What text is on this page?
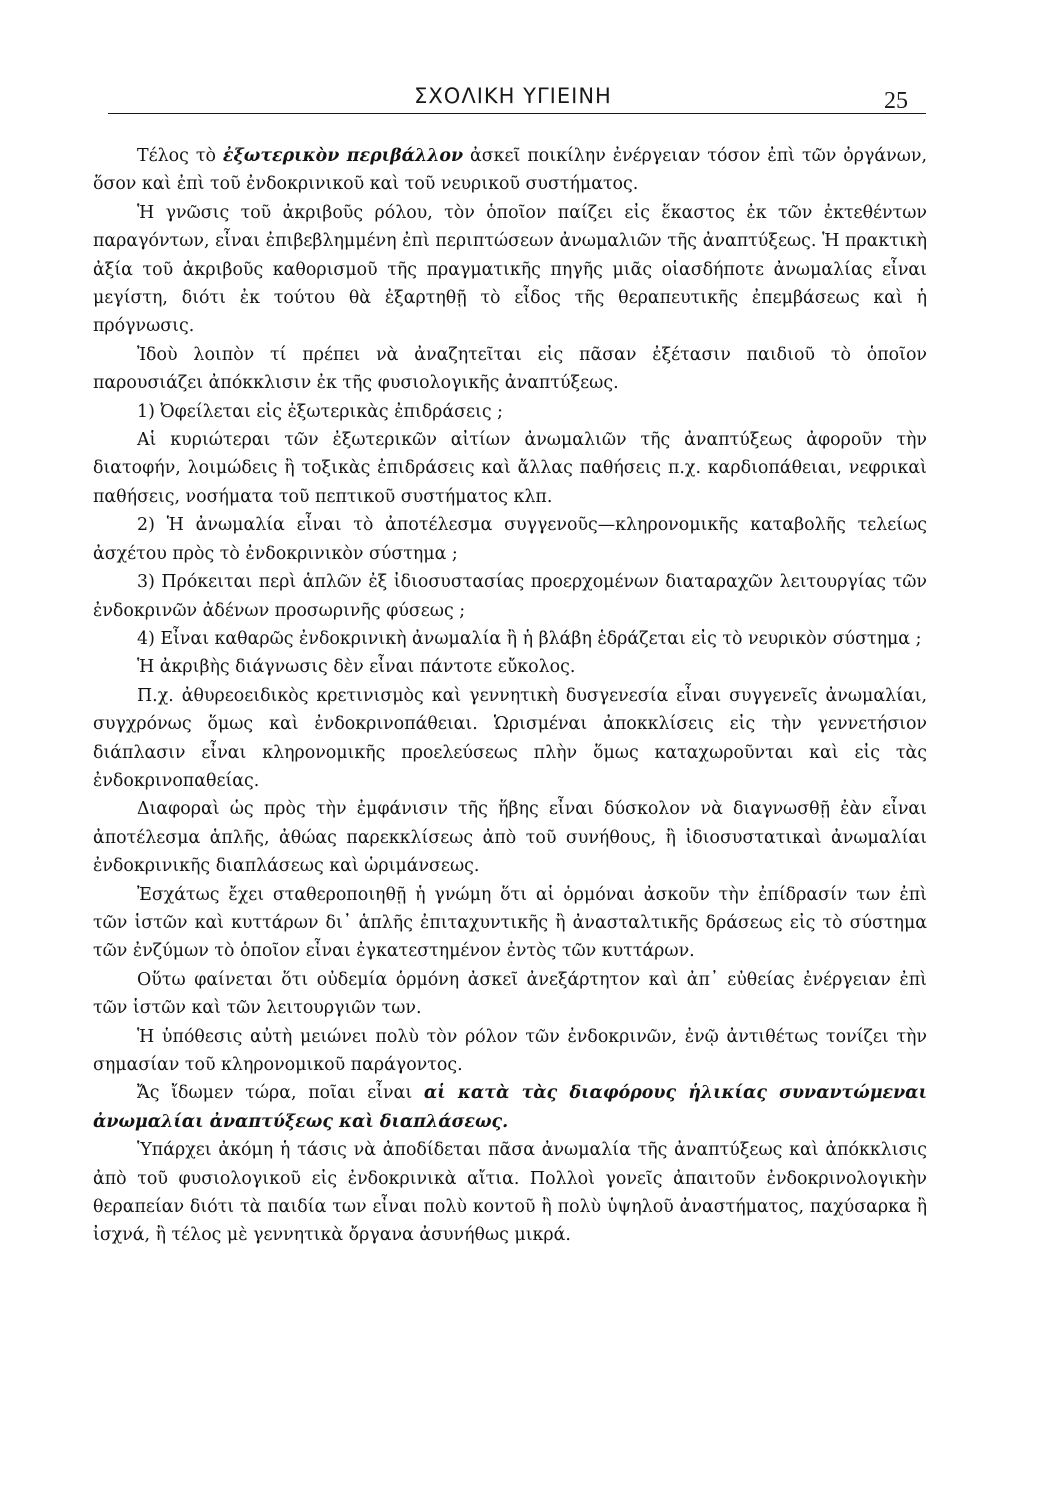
ΣΧΟΛΙΚΗ ΥΓΙΕΙΝΗ	25

Τέλος τὸ ἐξωτερικὸν περιβάλλον ἀσκεῖ ποικίλην ἐνέργειαν τόσον ἐπὶ τῶν ὀργάνων, ὅσον καὶ ἐπὶ τοῦ ἐνδοκρινικοῦ καὶ τοῦ νευρικοῦ συστήματος.

Ἡ γνῶσις τοῦ ἀκριβοῦς ρόλου, τὸν ὁποῖον παίζει εἰς ἕκαστος ἐκ τῶν ἐκτεθέντων παραγόντων, εἶναι ἐπιβεβλημμένη ἐπὶ περιπτώσεων ἀνωμαλιῶν τῆς ἀναπτύξεως. Ἡ πρακτικὴ ἀξία τοῦ ἀκριβοῦς καθορισμοῦ τῆς πραγματικῆς πηγῆς μιᾶς οἱασδήποτε ἀνωμαλίας εἶναι μεγίστη, διότι ἐκ τούτου θὰ ἐξαρτηθῇ τὸ εἶδος τῆς θεραπευτικῆς ἐπεμβάσεως καὶ ἡ πρόγνωσις.

Ἰδοὺ λοιπὸν τί πρέπει νὰ ἀναζητεῖται εἰς πᾶσαν ἐξέτασιν παιδιοῦ τὸ ὁποῖον παρουσιάζει ἀπόκκλισιν ἐκ τῆς φυσιολογικῆς ἀναπτύξεως.

1) Ὀφείλεται εἰς ἐξωτερικὰς ἐπιδράσεις ;

Αἱ κυριώτεραι τῶν ἐξωτερικῶν αἰτίων ἀνωμαλιῶν τῆς ἀναπτύξεως ἀφοροῦν τὴν διατοφήν, λοιμώδεις ἢ τοξικὰς ἐπιδράσεις καὶ ἄλλας παθήσεις π.χ. καρδιοπάθειαι, νεφρικαὶ παθήσεις, νοσήματα τοῦ πεπτικοῦ συστήματος κλπ.

2) Ἡ ἀνωμαλία εἶναι τὸ ἀποτέλεσμα συγγενοῦς—κληρονομικῆς καταβολῆς τελείως ἀσχέτου πρὸς τὸ ἐνδοκρινικὸν σύστημα ;

3) Πρόκειται περὶ ἁπλῶν ἐξ ἰδιοσυστασίας προερχομένων διαταραχῶν λειτουργίας τῶν ἐνδοκρινῶν ἀδένων προσωρινῆς φύσεως ;

4) Εἶναι καθαρῶς ἐνδοκρινικὴ ἀνωμαλία ἢ ἡ βλάβη ἑδράζεται εἰς τὸ νευρικὸν σύστημα ;

Ἡ ἀκριβὴς διάγνωσις δὲν εἶναι πάντοτε εὔκολος.

Π.χ. ἀθυρεοειδικὸς κρετινισμὸς καὶ γεννητικὴ δυσγενεσία εἶναι συγγενεῖς ἀνωμαλίαι, συγχρόνως ὅμως καὶ ἐνδοκρινοπάθειαι. Ὡρισμέναι ἀποκκλίσεις εἰς τὴν γεννετήσιον διάπλασιν εἶναι κληρονομικῆς προελεύσεως πλὴν ὅμως καταχωροῦνται καὶ εἰς τὰς ἐνδοκρινοπαθείας.

Διαφοραὶ ὡς πρὸς τὴν ἐμφάνισιν τῆς ἥβης εἶναι δύσκολον νὰ διαγνωσθῇ ἐὰν εἶναι ἀποτέλεσμα ἁπλῆς, ἀθώας παρεκκλίσεως ἀπὸ τοῦ συνήθους, ἢ ἰδιοσυστατικαὶ ἀνωμαλίαι ἐνδοκρινικῆς διαπλάσεως καὶ ὡριμάνσεως.

Ἐσχάτως ἔχει σταθεροποιηθῇ ἡ γνώμη ὅτι αἱ ὁρμόναι ἀσκοῦν τὴν ἐπίδρασίν των ἐπὶ τῶν ἱστῶν καὶ κυττάρων δι᾽ ἁπλῆς ἐπιταχυντικῆς ἢ ἀνασταλτικῆς δράσεως εἰς τὸ σύστημα τῶν ἐνζύμων τὸ ὁποῖον εἶναι ἐγκατεστημένον ἐντὸς τῶν κυττάρων.

Οὕτω φαίνεται ὅτι οὐδεμία ὁρμόνη ἀσκεῖ ἀνεξάρτητον καὶ ἀπ᾽ εὐθείας ἐνέργειαν ἐπὶ τῶν ἱστῶν καὶ τῶν λειτουργιῶν των.

Ἡ ὑπόθεσις αὐτὴ μειώνει πολὺ τὸν ρόλον τῶν ἐνδοκρινῶν, ἐνῷ ἀντιθέτως τονίζει τὴν σημασίαν τοῦ κληρονομικοῦ παράγοντος.

Ἄς ἴδωμεν τώρα, ποῖαι εἶναι αἱ κατὰ τὰς διαφόρους ἡλικίας συναντώμεναι ἀνωμαλίαι ἀναπτύξεως καὶ διαπλάσεως.

Ὑπάρχει ἀκόμη ἡ τάσις νὰ ἀποδίδεται πᾶσα ἀνωμαλία τῆς ἀναπτύξεως καὶ ἀπόκκλισις ἀπὸ τοῦ φυσιολογικοῦ εἰς ἐνδοκρινικὰ αἴτια. Πολλοὶ γονεῖς ἀπαιτοῦν ἐνδοκρινολογικὴν θεραπείαν διότι τὰ παιδία των εἶναι πολὺ κοντοῦ ἢ πολὺ ὑψηλοῦ ἀναστήματος, παχύσαρκα ἢ ἰσχνά, ἢ τέλος μὲ γεννητικὰ ὄργανα ἀσυνήθως μικρά.
